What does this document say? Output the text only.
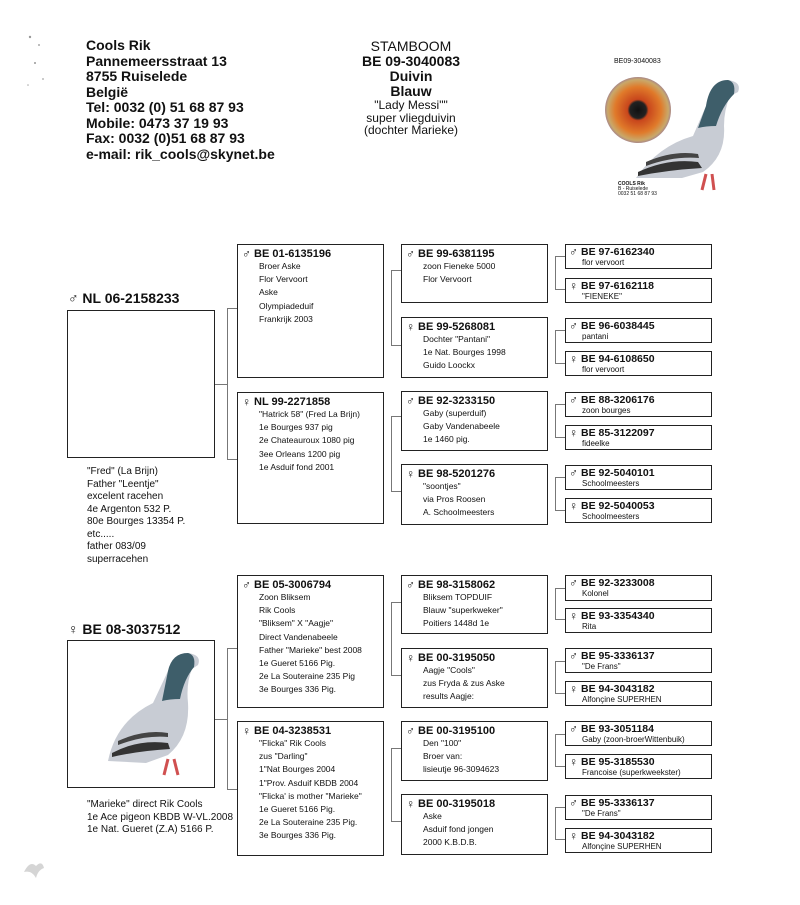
Cools Rik
Pannemeersstraat 13
8755 Ruiselede
België
Tel: 0032 (0) 51 68 87 93
Mobile: 0473 37 19 93
Fax: 0032 (0)51 68 87 93
e-mail: rik_cools@skynet.be
STAMBOOM
BE 09-3040083
Duivin
Blauw
"Lady Messi""
super vliegduivin
(dochter Marieke)
BE09-3040083
COOLS Rik
B - Ruiselede
0032 51 68 87 93
♂ NL 06-2158233
"Fred" (La Brijn)
Father "Leentje"
excelent racehen
4e Argenton 532 P.
80e Bourges 13354 P.
etc.....
father 083/09
superracehen
♀ BE 08-3037512
"Marieke" direct Rik Cools
1e Ace pigeon KBDB W-VL.2008
1e Nat. Gueret (Z.A) 5166 P.
♂ BE 01-6135196
Broer Aske
Flor Vervoort
Aske
Olympiadeduif
Frankrijk 2003
♀ NL 99-2271858
"Hatrick 58" (Fred La Brijn)
1e Bourges 937 pig
2e Chateauroux 1080 pig
3ee Orleans 1200 pig
1e Asduif fond 2001
♂ BE 05-3006794
Zoon Bliksem
Rik Cools
"Bliksem" X "Aagje"
Direct Vandenabeele
Father "Marieke" best 2008
1e Gueret 5166 Pig.
2e La Souteraine 235 Pig
3e Bourges 336 Pig.
♀ BE 04-3238531
"Flicka" Rik Cools
zus "Darling"
1"Nat Bourges 2004
1"Prov. Asduif KBDB 2004
"Flicka' is mother "Marieke"
1e Gueret 5166 Pig.
2e La Souteraine 235 Pig.
3e Bourges 336 Pig.
♂ BE 99-6381195
zoon Fieneke 5000
Flor Vervoort
♀ BE 99-5268081
Dochter "Pantani"
1e Nat. Bourges 1998
Guido Loockx
♂ BE 92-3233150
Gaby (superduif)
Gaby Vandenabeele
1e 1460 pig.
♀ BE 98-5201276
"soontjes"
via Pros Roosen
A. Schoolmeesters
♂ BE 98-3158062
Bliksem TOPDUIF
Blauw "superkweker"
Poitiers 1448d 1e
♀ BE 00-3195050
Aagje "Cools"
zus Fryda & zus Aske
results Aagje:
♂ BE 00-3195100
Den "100"
Broer van:
lisieutje 96-3094623
♀ BE 00-3195018
Aske
Asduif fond jongen
2000 K.B.D.B.
♂ BE 97-6162340
flor vervoort
♀ BE 97-6162118
"FIENEKE"
♂ BE 96-6038445
pantani
♀ BE 94-6108650
flor vervoort
♂ BE 88-3206176
zoon bourges
♀ BE 85-3122097
fideelke
♂ BE 92-5040101
Schoolmeesters
♀ BE 92-5040053
Schoolmeesters
♂ BE 92-3233008
Kolonel
♀ BE 93-3354340
Rita
♂ BE 95-3336137
"De Frans"
♀ BE 94-3043182
Alfonçine SUPERHEN
♂ BE 93-3051184
Gaby (zoon-broerWittenbuik)
♀ BE 95-3185530
Francoise (superkweekster)
♂ BE 95-3336137
"De Frans"
♀ BE 94-3043182
Alfonçine SUPERHEN
